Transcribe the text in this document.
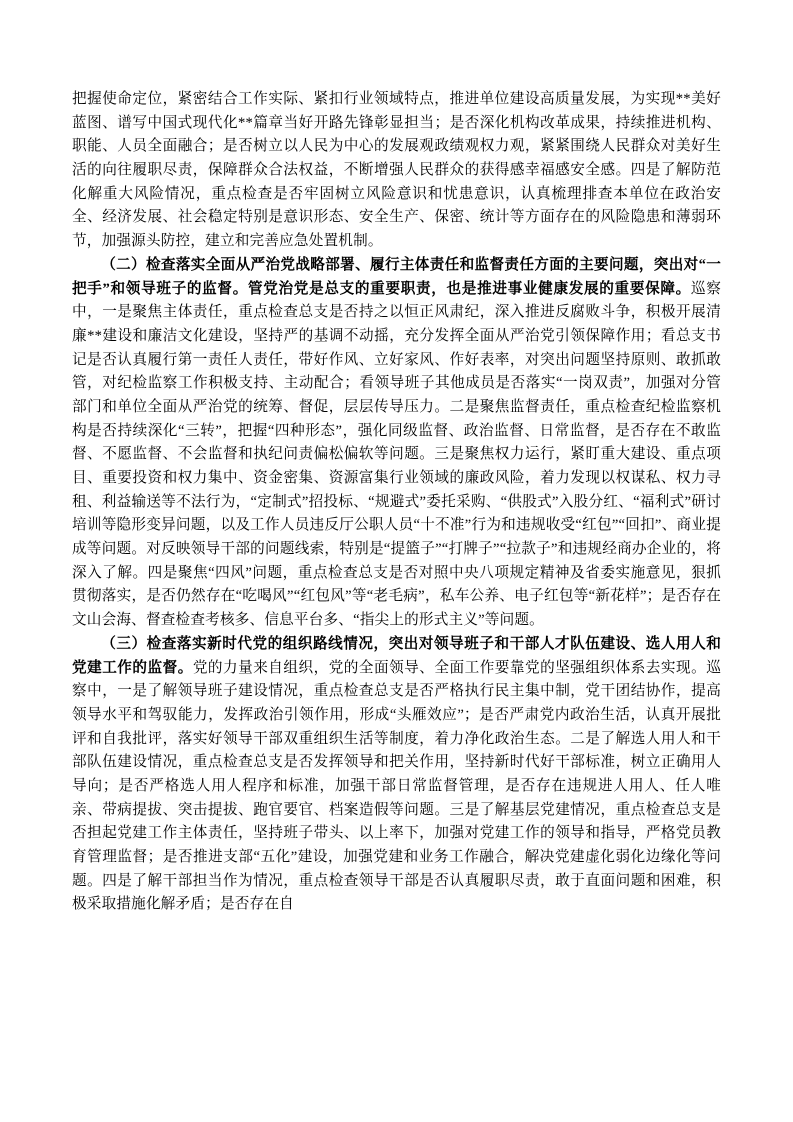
把握使命定位，紧密结合工作实际、紧扣行业领域特点，推进单位建设高质量发展，为实现**美好蓝图、谱写中国式现代化**篇章当好开路先锋彰显担当；是否深化机构改革成果，持续推进机构、职能、人员全面融合；是否树立以人民为中心的发展观政绩观权力观，紧紧围绕人民群众对美好生活的向往履职尽责，保障群众合法权益，不断增强人民群众的获得感幸福感安全感。四是了解防范化解重大风险情况，重点检查是否牢固树立风险意识和忧患意识，认真梳理排查本单位在政治安全、经济发展、社会稳定特别是意识形态、安全生产、保密、统计等方面存在的风险隐患和薄弱环节，加强源头防控，建立和完善应急处置机制。

（二）检查落实全面从严治党战略部署、履行主体责任和监督责任方面的主要问题，突出对“一把手”和领导班子的监督。管党治党是总支的重要职责，也是推进事业健康发展的重要保障。巡察中，一是聚焦主体责任，重点检查总支是否持之以恒正风肃纪，深入推进反腐败斗争，积极开展清廉**建设和廉洁文化建设，坚持严的基调不动摇，充分发挥全面从严治党引领保障作用；看总支书记是否认真履行第一责任人责任，带好作风、立好家风、作好表率，对突出问题坚持原则、敢抓敢管，对纪检监察工作积极支持、主动配合；看领导班子其他成员是否落实“一岗双责”，加强对分管部门和单位全面从严治党的统筹、督促，层层传导压力。二是聚焦监督责任，重点检查纪检监察机构是否持续深化“三转”，把握“四种形态”，强化同级监督、政治监督、日常监督，是否存在不敢监督、不愿监督、不会监督和执纪问责偏松偏软等问题。三是聚焦权力运行，紧盯重大建设、重点项目、重要投资和权力集中、资金密集、资源富集行业领域的廉政风险，着力发现以权谋私、权力寻租、利益输送等不法行为，“定制式”招投标、“规避式”委托采购、“供股式”入股分红、“福利式”研讨培训等隐形变异问题，以及工作人员违反厅公职人员“十不准”行为和违规收受“红包”“回扣”、商业提成等问题。对反映领导干部的问题线索，特别是“提篮子”“打牌子”“拉款子”和违规经商办企业的，将深入了解。四是聚焦“四风”问题，重点检查总支是否对照中央八项规定精神及省委实施意见，狠抓贯彻落实，是否仍然存在“吃喝风”“红包风”等“老毛病”，私车公养、电子红包等“新花样”；是否存在文山会海、督查检查考核多、信息平台多、“指尖上的形式主义”等问题。

（三）检查落实新时代党的组织路线情况，突出对领导班子和干部人才队伍建设、选人用人和党建工作的监督。党的力量来自组织，党的全面领导、全面工作要靠党的坚强组织体系去实现。巡察中，一是了解领导班子建设情况，重点检查总支是否严格执行民主集中制，党干团结协作，提高领导水平和驾驭能力，发挥政治引领作用，形成“头雁效应”；是否严肃党内政治生活，认真开展批评和自我批评，落实好领导干部双重组织生活等制度，着力净化政治生态。二是了解选人用人和干部队伍建设情况，重点检查总支是否发挥领导和把关作用，坚持新时代好干部标准，树立正确用人导向；是否严格选人用人程序和标准，加强干部日常监督管理，是否存在违规进人用人、任人唯亲、带病提拔、突击提拔、跑官要官、档案造假等问题。三是了解基层党建情况，重点检查总支是否担起党建工作主体责任，坚持班子带头、以上率下，加强对党建工作的领导和指导，严格党员教育管理监督；是否推进支部“五化”建设，加强党建和业务工作融合，解决党建虚化弱化边缘化等问题。四是了解干部担当作为情况，重点检查领导干部是否认真履职尽责，敢于直面问题和困难，积极采取措施化解矛盾；是否存在自
